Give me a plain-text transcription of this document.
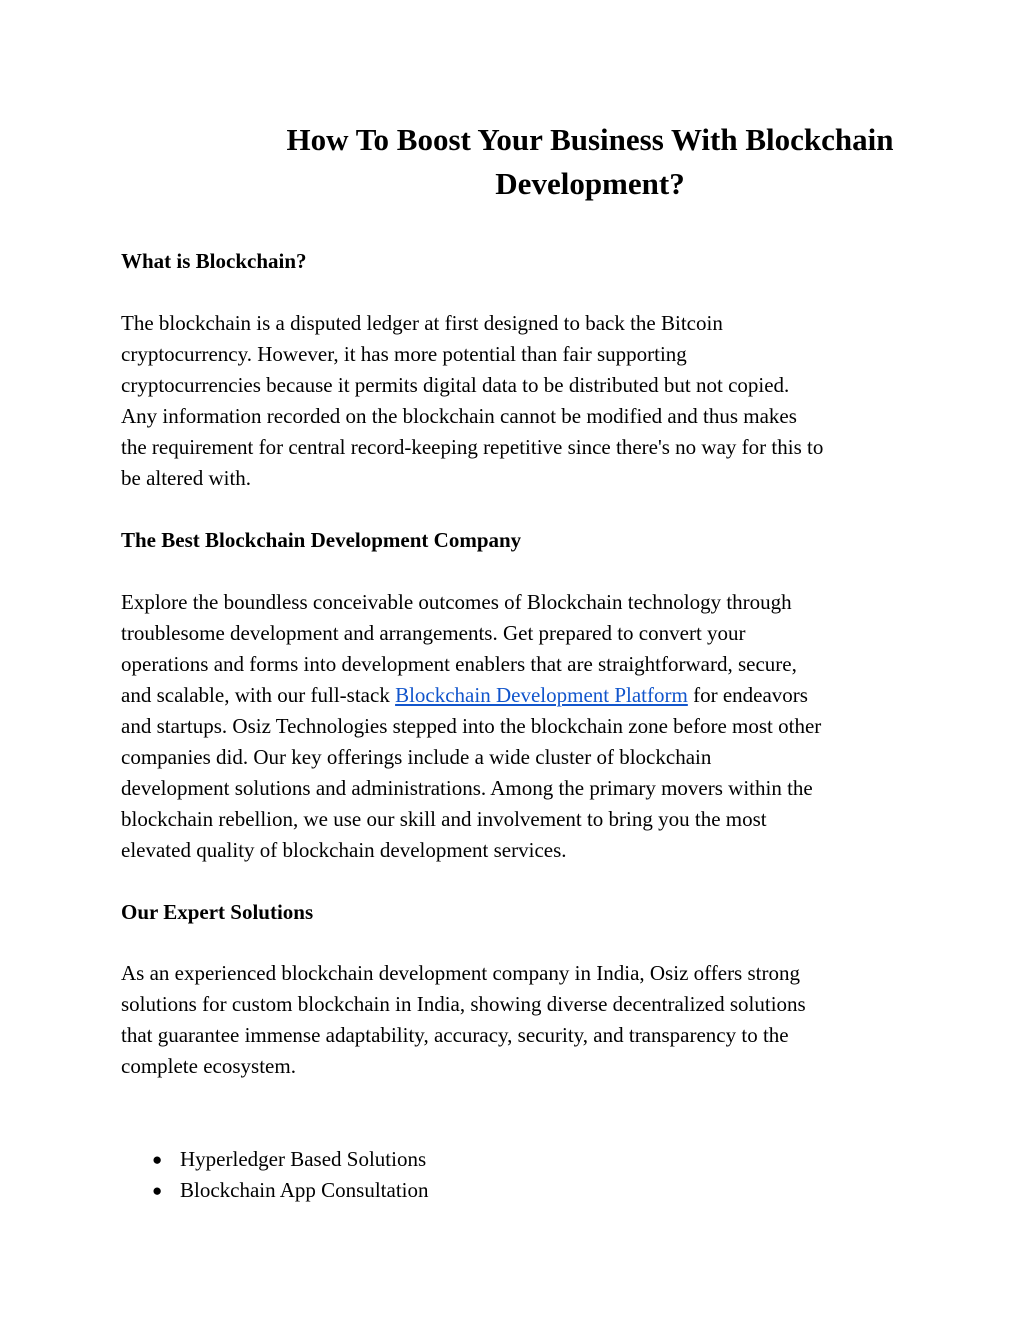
How To Boost Your Business With Blockchain
Development?
What is Blockchain?

The blockchain is a disputed ledger at first designed to back the Bitcoin
cryptocurrency. However, it has more potential than fair supporting
cryptocurrencies because it permits digital data to be distributed but not copied.
Any information recorded on the blockchain cannot be modified and thus makes
the requirement for central record-keeping repetitive since there's no way for this to
be altered with.

The Best Blockchain Development Company

Explore the boundless conceivable outcomes of Blockchain technology through
troublesome development and arrangements. Get prepared to convert your
operations and forms into development enablers that are straightforward, secure,
and scalable, with our full-stack Blockchain Development Platform for endeavors
and startups. Osiz Technologies stepped into the blockchain zone before most other
companies did. Our key offerings include a wide cluster of blockchain
development solutions and administrations. Among the primary movers within the
blockchain rebellion, we use our skill and involvement to bring you the most
elevated quality of blockchain development services.

Our Expert Solutions

As an experienced blockchain development company in India, Osiz offers strong
solutions for custom blockchain in India, showing diverse decentralized solutions
that guarantee immense adaptability, accuracy, security, and transparency to the
complete ecosystem.

● Hyperledger Based Solutions
● Blockchain App Consultation
